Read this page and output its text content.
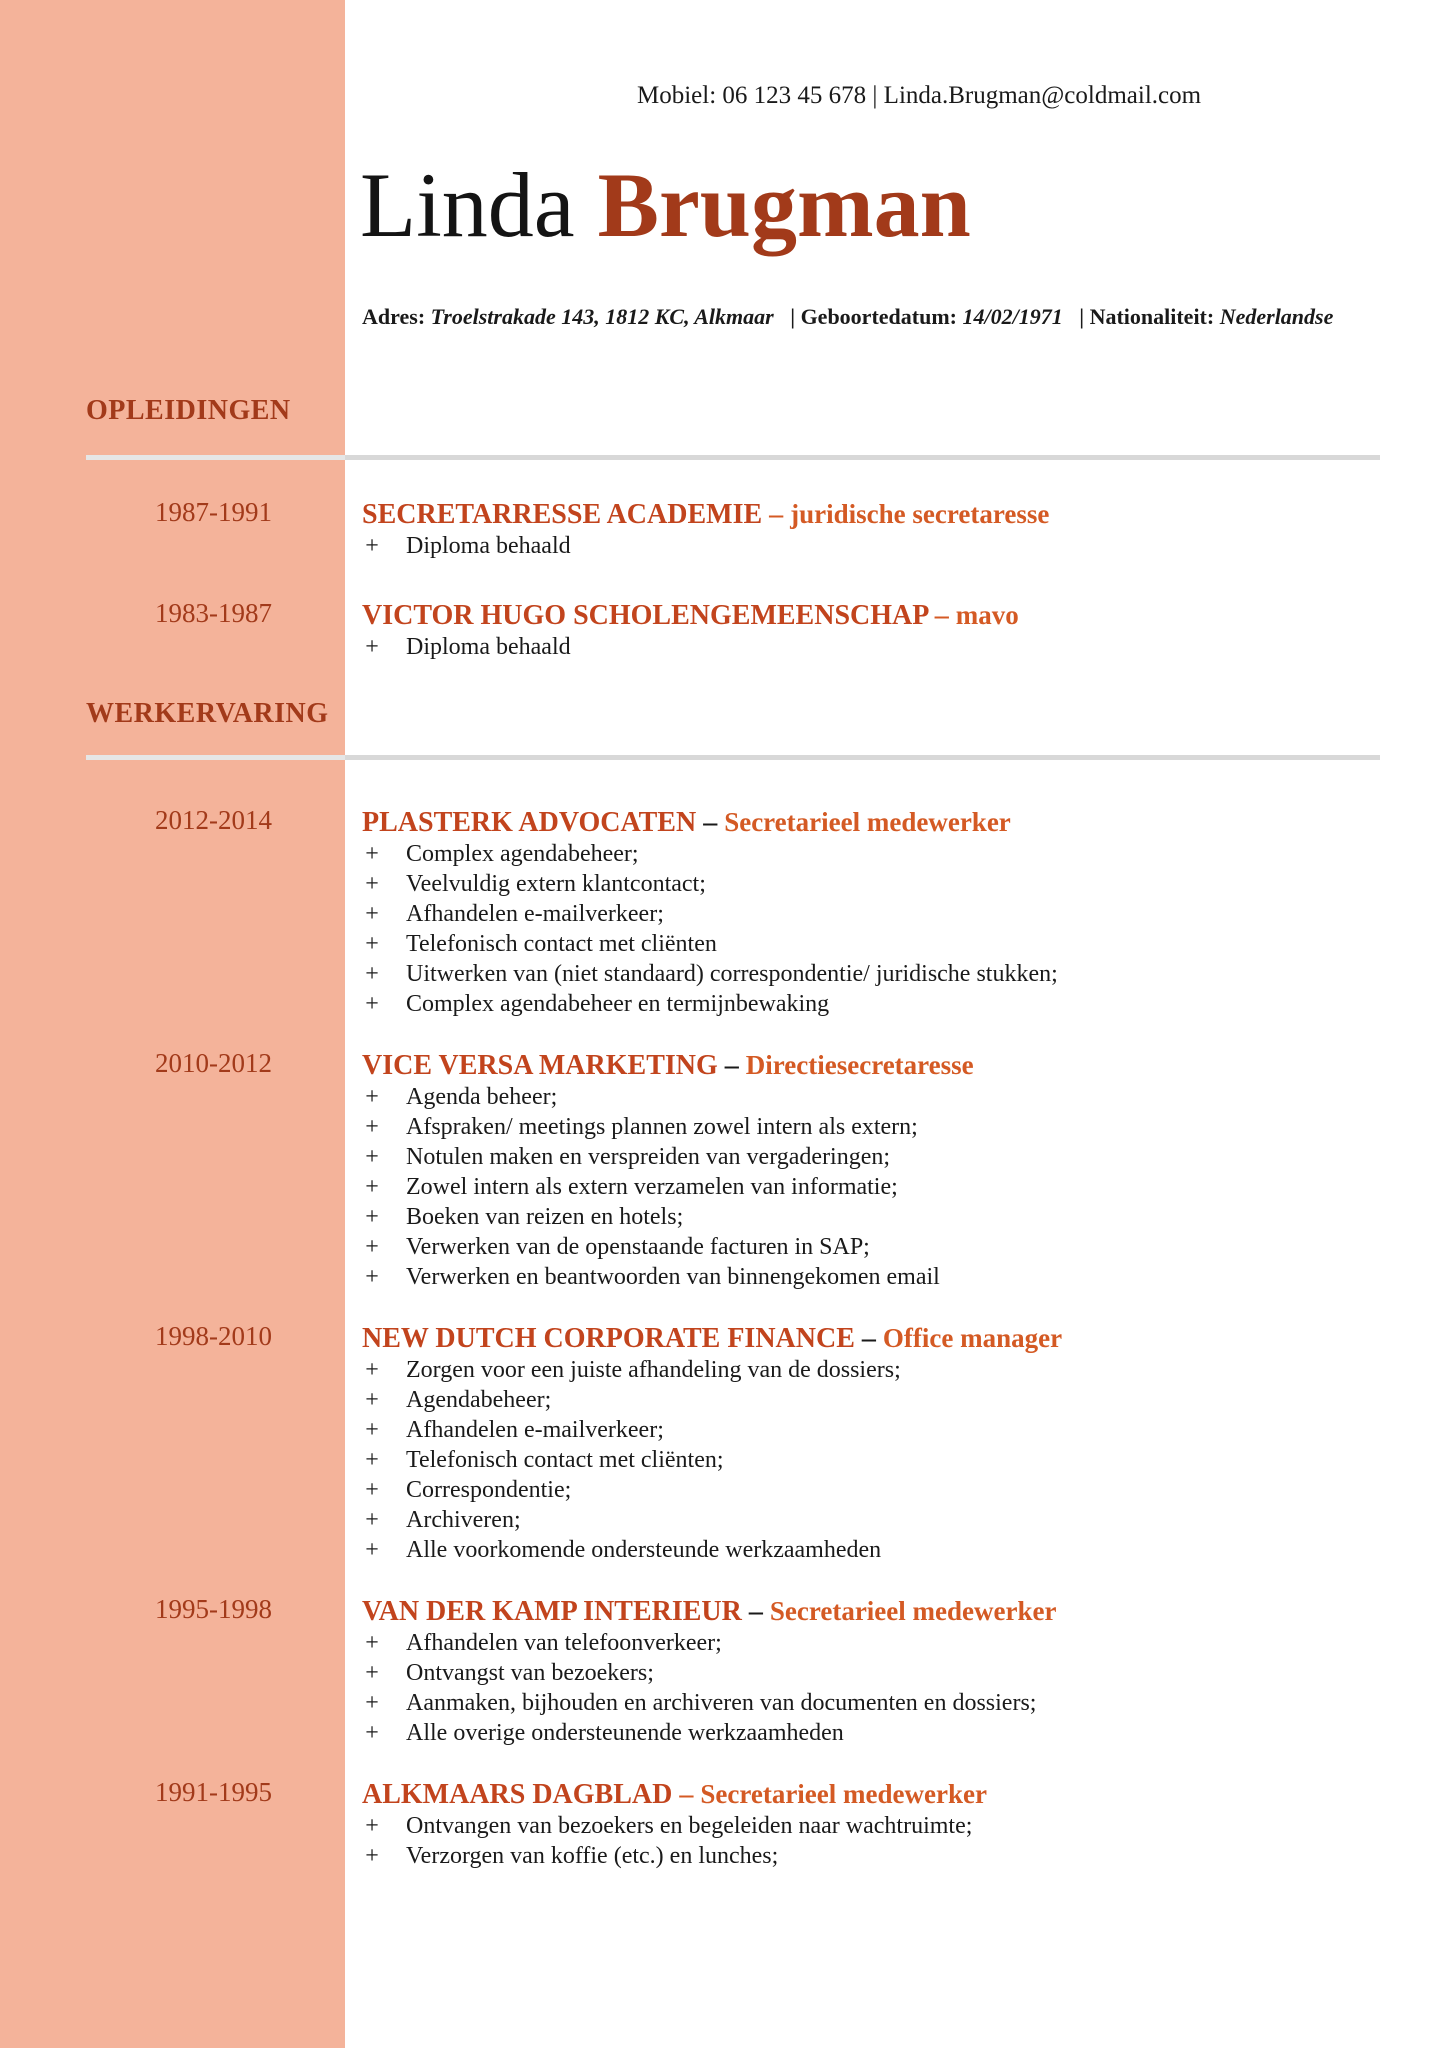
Mobiel: 06 123 45 678 | Linda.Brugman@coldmail.com
Linda Brugman
Adres: Troelstrakade 143, 1812 KC, Alkmaar | Geboortedatum: 14/02/1971 | Nationaliteit: Nederlandse
OPLEIDINGEN
1987-1991	SECRETARRESSE ACADEMIE – juridische secretaresse
+ Diploma behaald
1983-1987	VICTOR HUGO SCHOLENGEMEENSCHAP – mavo
+ Diploma behaald
WERKERVARING
2012-2014	PLASTERK ADVOCATEN – Secretarieel medewerker
+ Complex agendabeheer;
+ Veelvuldig extern klantcontact;
+ Afhandelen e-mailverkeer;
+ Telefonisch contact met cliënten
+ Uitwerken van (niet standaard) correspondentie/ juridische stukken;
+ Complex agendabeheer en termijnbewaking
2010-2012	VICE VERSA MARKETING – Directiesecretaresse
+ Agenda beheer;
+ Afspraken/ meetings plannen zowel intern als extern;
+ Notulen maken en verspreiden van vergaderingen;
+ Zowel intern als extern verzamelen van informatie;
+ Boeken van reizen en hotels;
+ Verwerken van de openstaande facturen in SAP;
+ Verwerken en beantwoorden van binnengekomen email
1998-2010	NEW DUTCH CORPORATE FINANCE – Office manager
+ Zorgen voor een juiste afhandeling van de dossiers;
+ Agendabeheer;
+ Afhandelen e-mailverkeer;
+ Telefonisch contact met cliënten;
+ Correspondentie;
+ Archiveren;
+ Alle voorkomende ondersteunde werkzaamheden
1995-1998	VAN DER KAMP INTERIEUR – Secretarieel medewerker
+ Afhandelen van telefoonverkeer;
+ Ontvangst van bezoekers;
+ Aanmaken, bijhouden en archiveren van documenten en dossiers;
+ Alle overige ondersteunende werkzaamheden
1991-1995	ALKMAARS DAGBLAD – Secretarieel medewerker
+ Ontvangen van bezoekers en begeleiden naar wachtruimte;
+ Verzorgen van koffie (etc.) en lunches;
